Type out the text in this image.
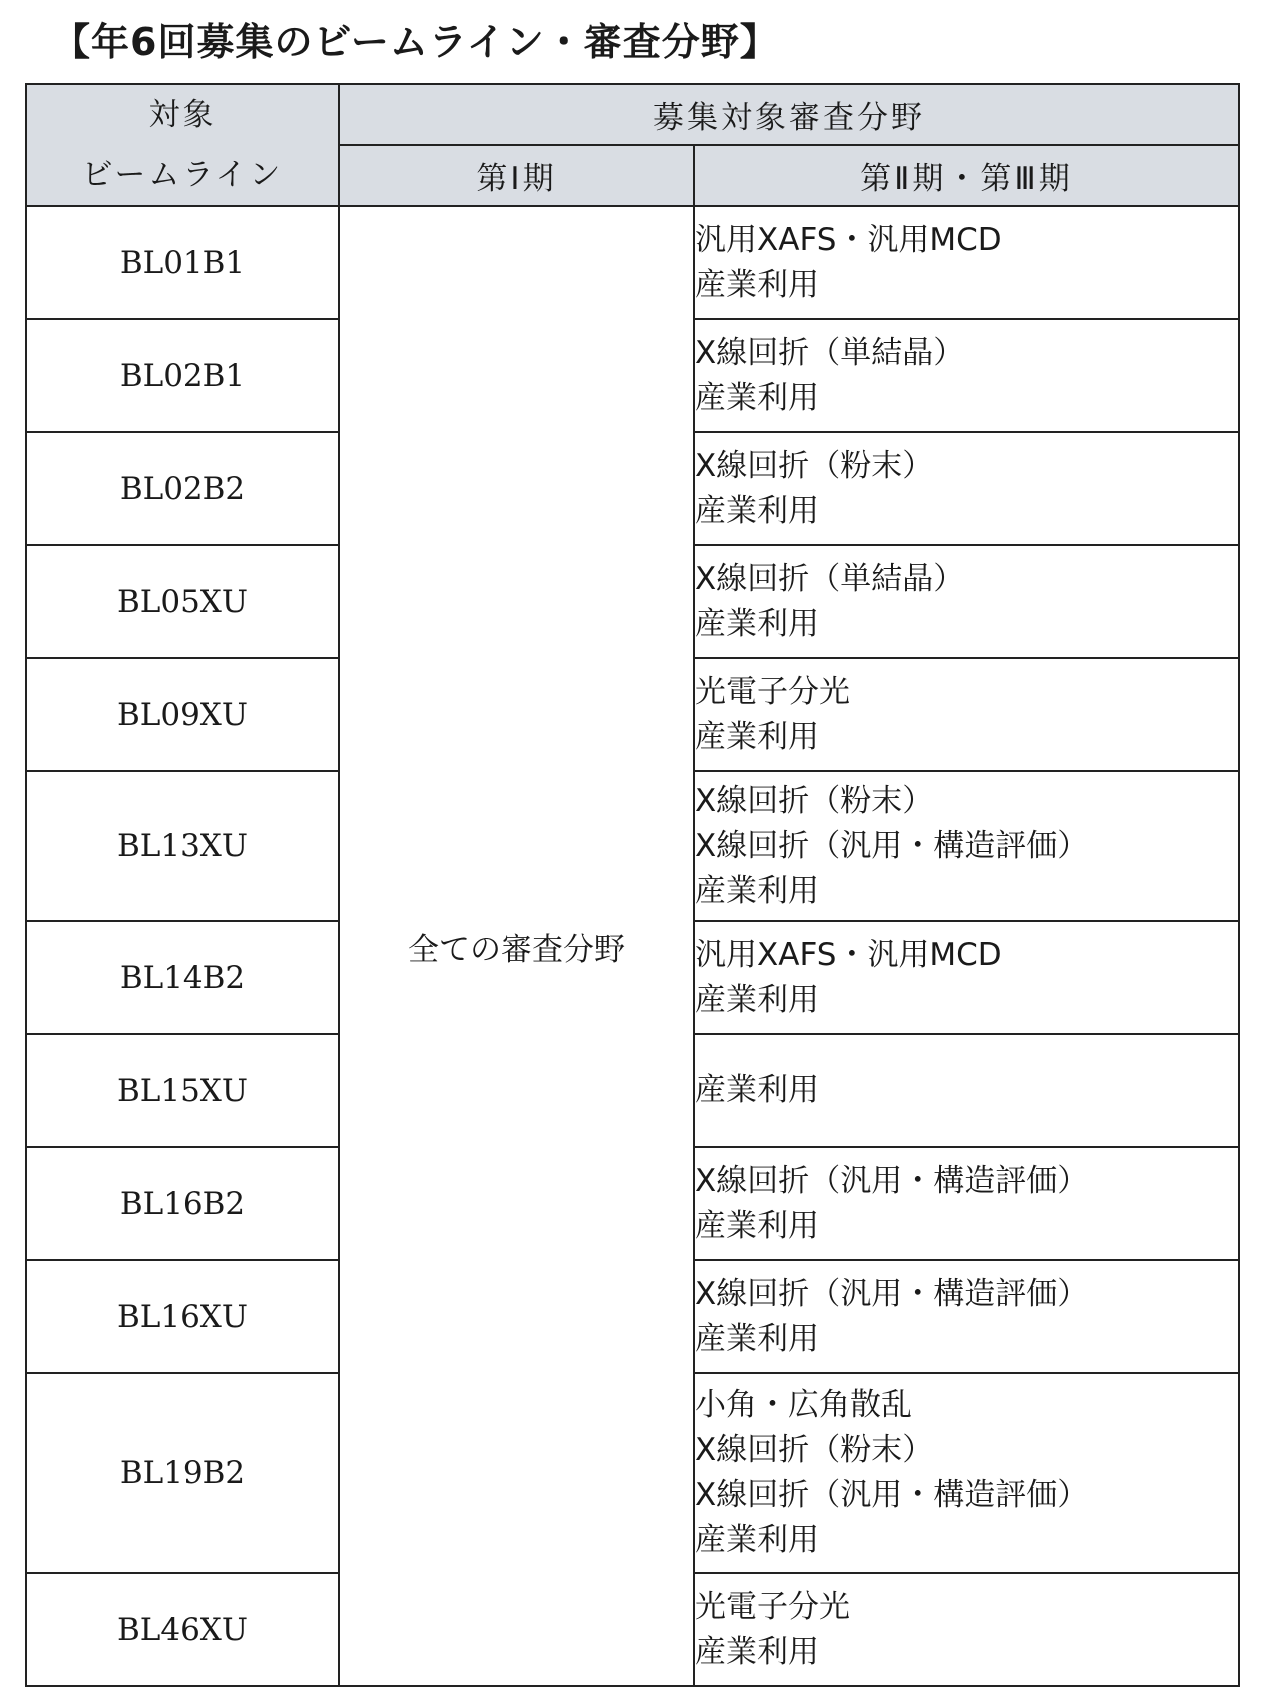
【年6回募集のビームライン・審査分野】
対象
ビームライン	募集対象審査分野	
	第Ⅰ期	第Ⅱ期・第Ⅲ期
BL01B1	全ての審査分野	汎用XAFS・汎用MCD
産業利用

BL02B1		X線回折（単結晶）
産業利用

BL02B2		X線回折（粉末）
産業利用

BL05XU		X線回折（単結晶）
産業利用

BL09XU		光電子分光
産業利用

BL13XU		X線回折（粉末）
X線回折（汎用・構造評価）
産業利用

BL14B2		汎用XAFS・汎用MCD
産業利用

BL15XU		産業利用

BL16B2		X線回折（汎用・構造評価）
産業利用

BL16XU		X線回折（汎用・構造評価）
産業利用

BL19B2		小角・広角散乱
X線回折（粉末）
X線回折（汎用・構造評価）
産業利用

BL46XU		光電子分光
産業利用
